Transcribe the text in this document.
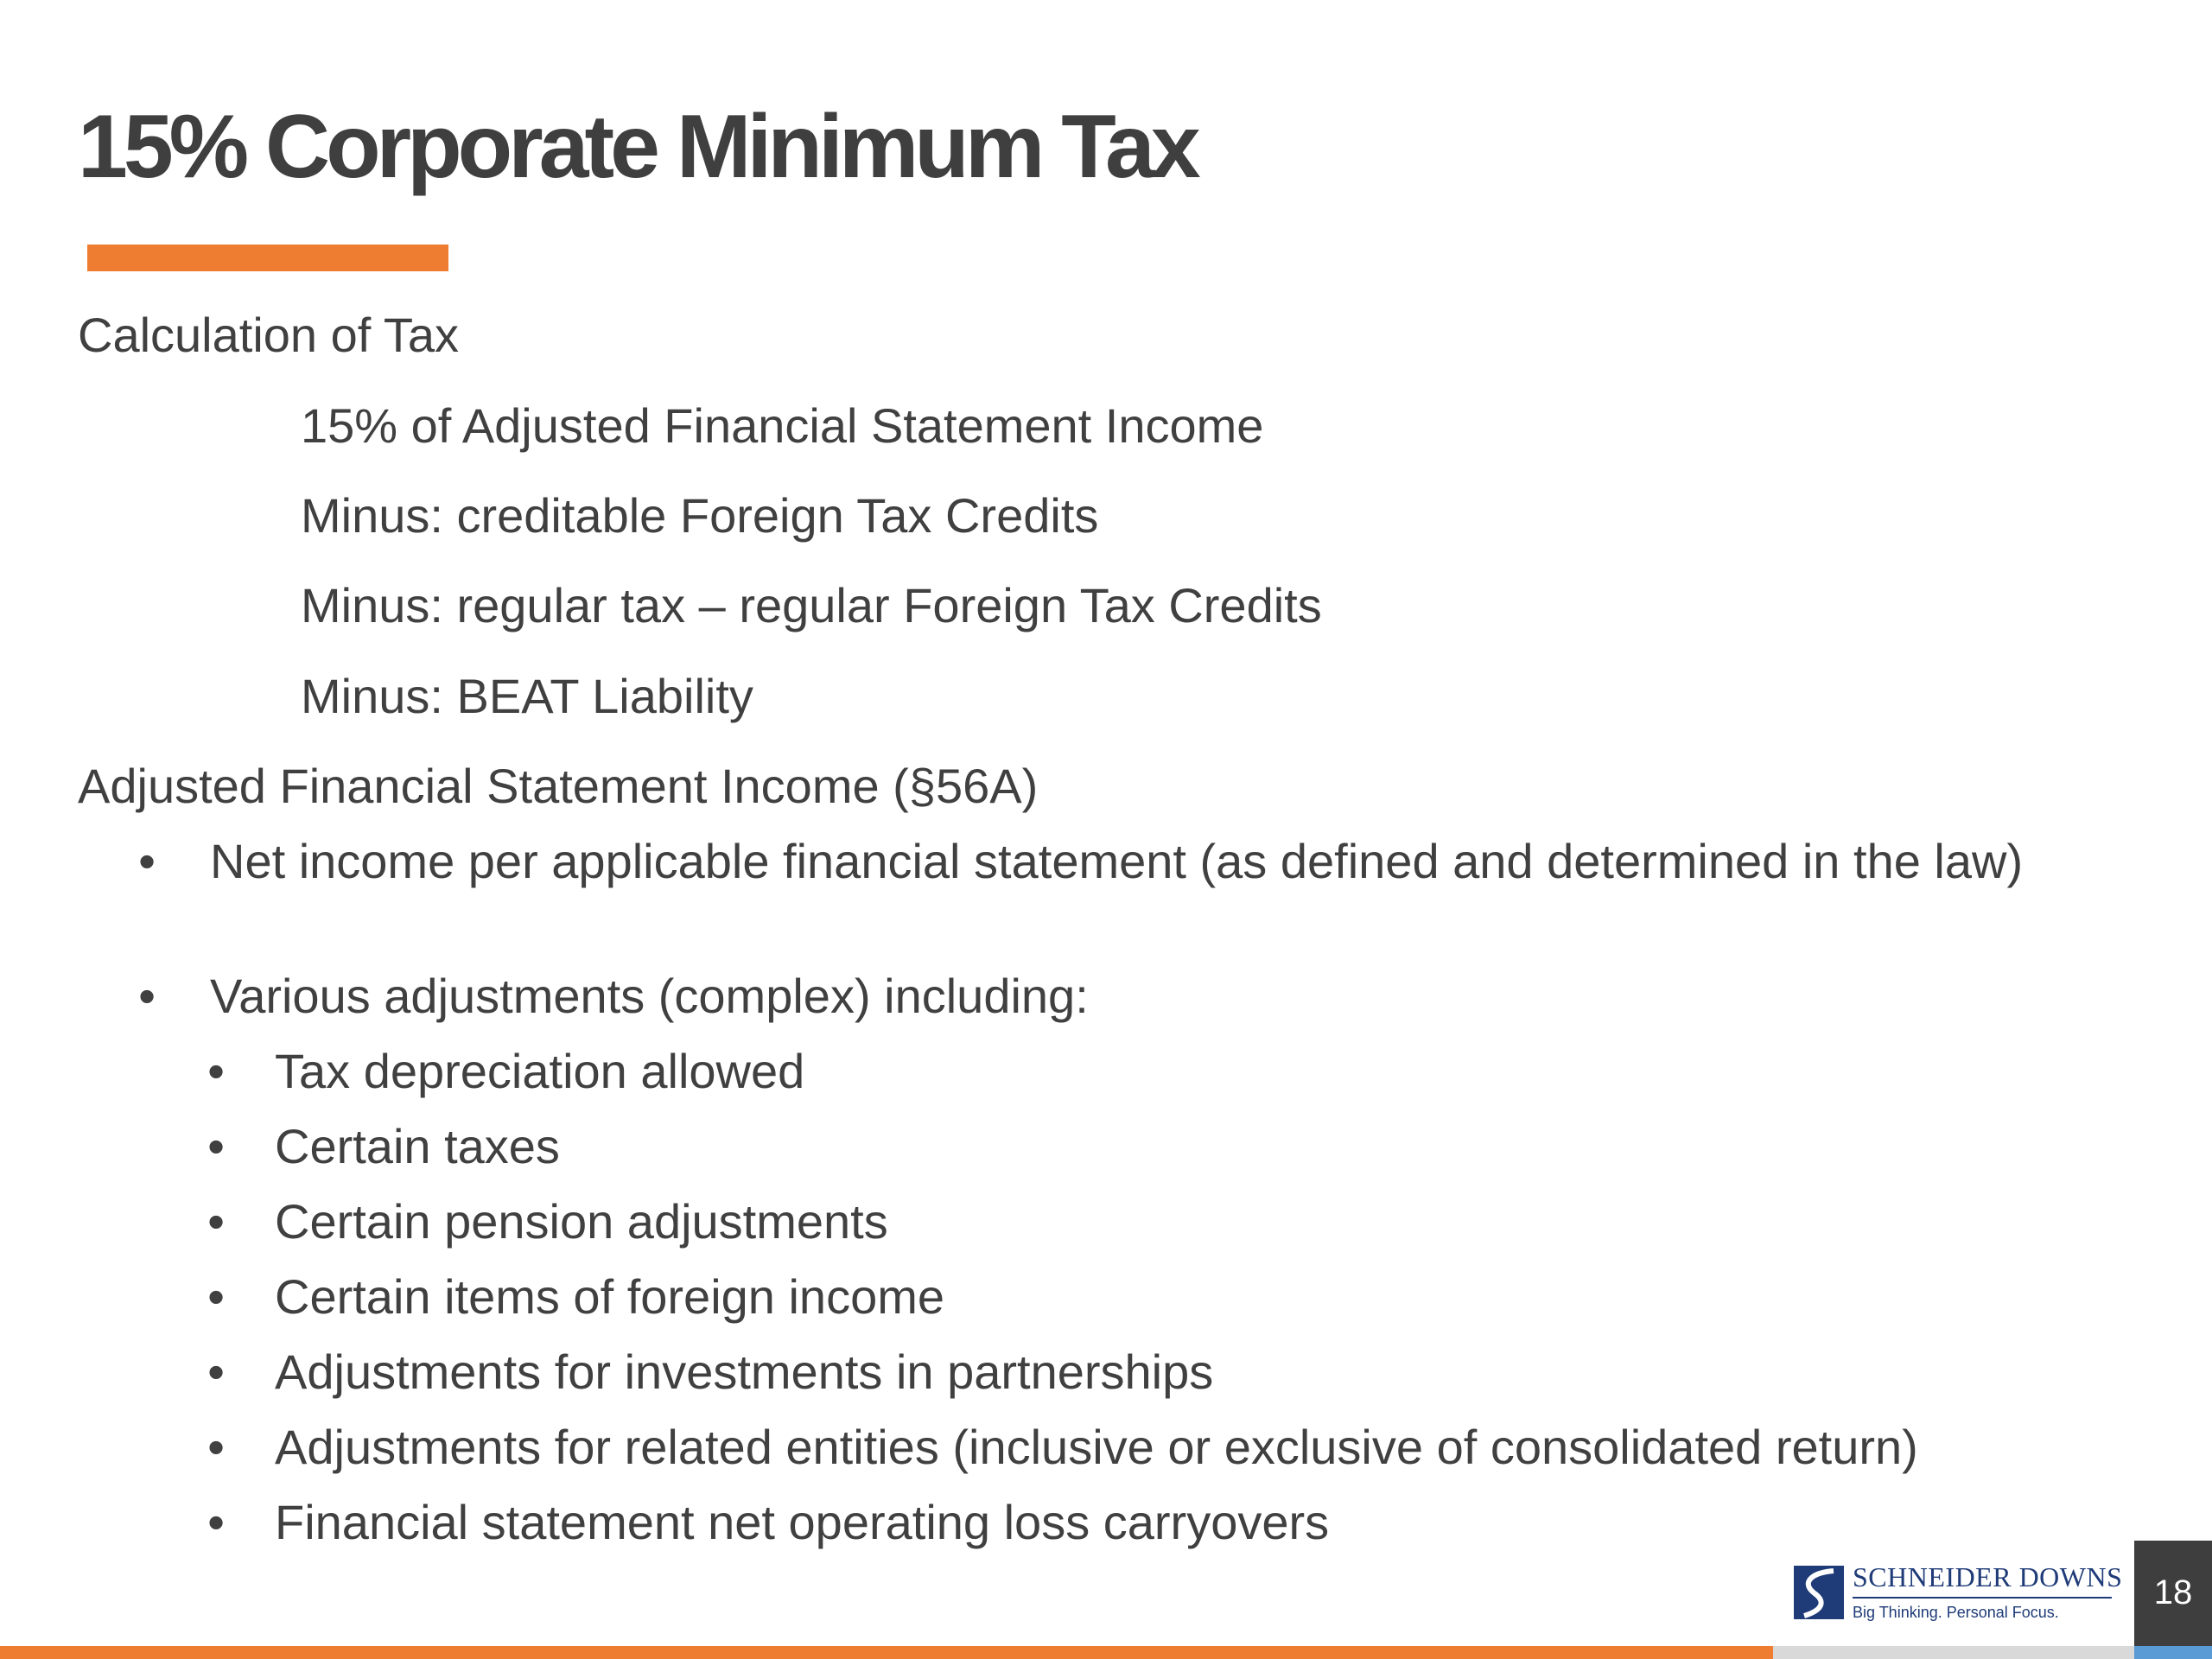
15% Corporate Minimum Tax

Calculation of Tax

15% of Adjusted Financial Statement Income

Minus: creditable Foreign Tax Credits

Minus: regular tax – regular Foreign Tax Credits

Minus: BEAT Liability

Adjusted Financial Statement Income (§56A)

• Net income per applicable financial statement (as defined and determined in the law)
• Various adjustments (complex) including:
• Tax depreciation allowed
• Certain taxes
• Certain pension adjustments
• Certain items of foreign income
• Adjustments for investments in partnerships
• Adjustments for related entities (inclusive or exclusive of consolidated return)
• Financial statement net operating loss carryovers
SCHNEIDER DOWNS
Big Thinking. Personal Focus.
18
